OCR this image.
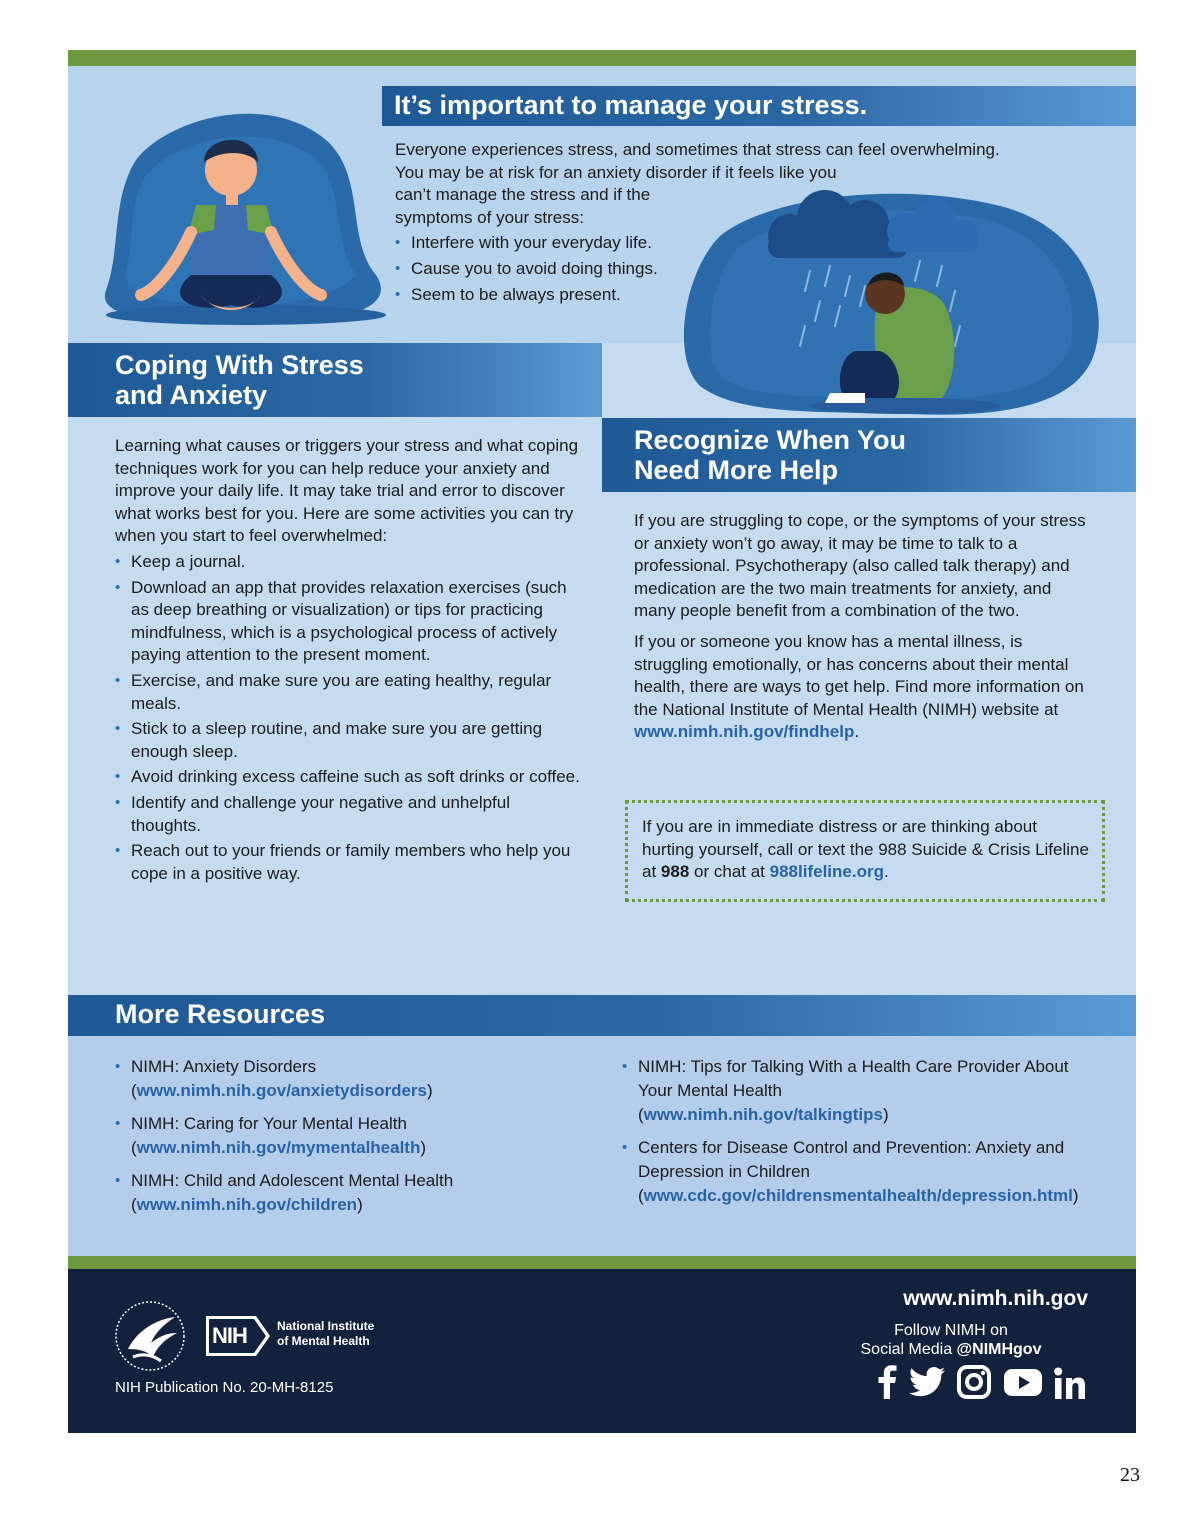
It’s important to manage your stress.
Everyone experiences stress, and sometimes that stress can feel overwhelming.
You may be at risk for an anxiety disorder if it feels like you
can’t manage the stress and if the
symptoms of your stress:
• Interfere with your everyday life.
• Cause you to avoid doing things.
• Seem to be always present.
Coping With Stress
and Anxiety
Recognize When You
Need More Help

Learning what causes or triggers your stress and what coping techniques work for you can help reduce your anxiety and improve your daily life. It may take trial and error to discover what works best for you. Here are some activities you can try when you start to feel overwhelmed:

• Keep a journal.
• Download an app that provides relaxation exercises (such as deep breathing or visualization) or tips for practicing mindfulness, which is a psychological process of actively paying attention to the present moment.
• Exercise, and make sure you are eating healthy, regular meals.
• Stick to a sleep routine, and make sure you are getting enough sleep.
• Avoid drinking excess caffeine such as soft drinks or coffee.
• Identify and challenge your negative and unhelpful thoughts.
• Reach out to your friends or family members who help you cope in a positive way.

If you are struggling to cope, or the symptoms of your stress or anxiety won’t go away, it may be time to talk to a professional. Psychotherapy (also called talk therapy) and medication are the two main treatments for anxiety, and many people benefit from a combination of the two.

If you or someone you know has a mental illness, is struggling emotionally, or has concerns about their mental health, there are ways to get help. Find more information on the National Institute of Mental Health (NIMH) website at www.nimh.nih.gov/findhelp.

If you are in immediate distress or are thinking about hurting yourself, call or text the 988 Suicide & Crisis Lifeline at 988 or chat at 988lifeline.org.
More Resources
• NIMH: Anxiety Disorders
(www.nimh.nih.gov/anxietydisorders)
• NIMH: Caring for Your Mental Health
(www.nimh.nih.gov/mymentalhealth)
• NIMH: Child and Adolescent Mental Health
(www.nimh.nih.gov/children)
• NIMH: Tips for Talking With a Health Care Provider About Your Mental Health
(www.nimh.nih.gov/talkingtips)
• Centers for Disease Control and Prevention: Anxiety and Depression in Children
(www.cdc.gov/childrensmentalhealth/depression.html)
NIH	National Institute
of Mental Health
NIH Publication No. 20-MH-8125
www.nimh.nih.gov
Follow NIMH on
Social Media @NIMHgov
23
